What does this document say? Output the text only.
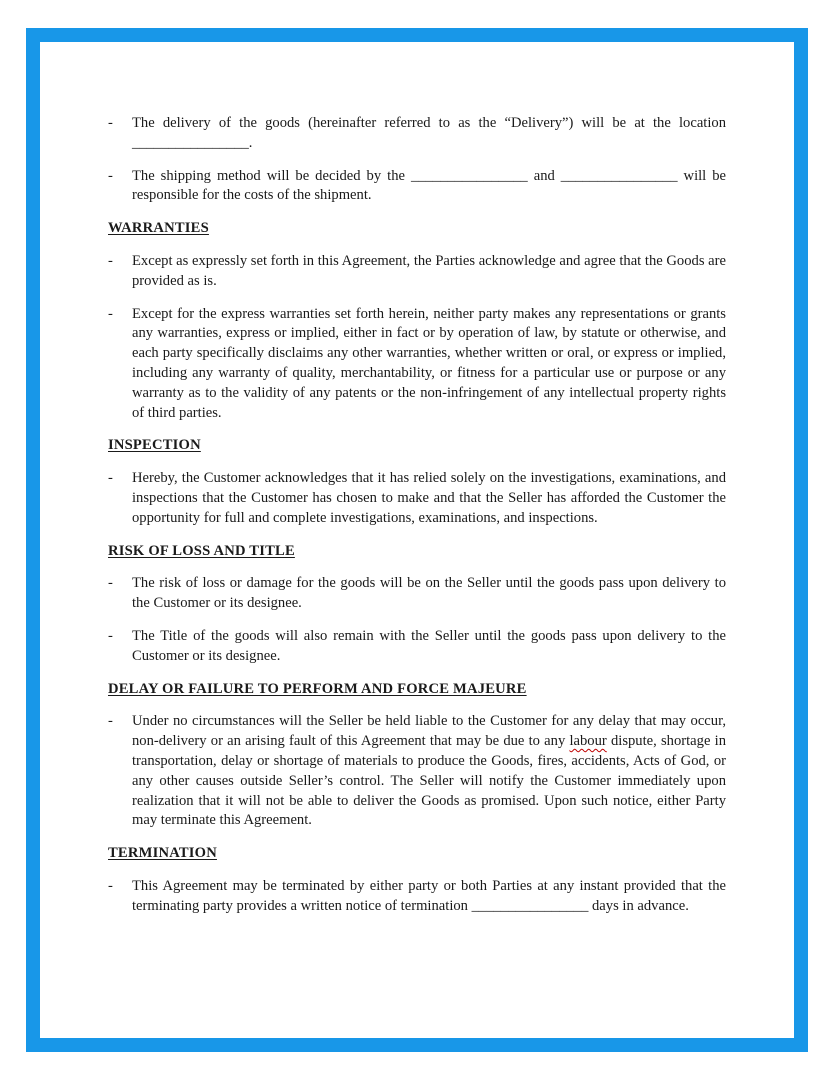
-	The delivery of the goods (hereinafter referred to as the “Delivery”) will be at the location ________________.
-	The shipping method will be decided by the ________________ and ________________ will be responsible for the costs of the shipment.
WARRANTIES
-	Except as expressly set forth in this Agreement, the Parties acknowledge and agree that the Goods are provided as is.
-	Except for the express warranties set forth herein, neither party makes any representations or grants any warranties, express or implied, either in fact or by operation of law, by statute or otherwise, and each party specifically disclaims any other warranties, whether written or oral, or express or implied, including any warranty of quality, merchantability, or fitness for a particular use or purpose or any warranty as to the validity of any patents or the non-infringement of any intellectual property rights of third parties.
INSPECTION
-	Hereby, the Customer acknowledges that it has relied solely on the investigations, examinations, and inspections that the Customer has chosen to make and that the Seller has afforded the Customer the opportunity for full and complete investigations, examinations, and inspections.
RISK OF LOSS AND TITLE
-	The risk of loss or damage for the goods will be on the Seller until the goods pass upon delivery to the Customer or its designee.
-	The Title of the goods will also remain with the Seller until the goods pass upon delivery to the Customer or its designee.
DELAY OR FAILURE TO PERFORM AND FORCE MAJEURE
-	Under no circumstances will the Seller be held liable to the Customer for any delay that may occur, non-delivery or an arising fault of this Agreement that may be due to any labour dispute, shortage in transportation, delay or shortage of materials to produce the Goods, fires, accidents, Acts of God, or any other causes outside Seller’s control. The Seller will notify the Customer immediately upon realization that it will not be able to deliver the Goods as promised. Upon such notice, either Party may terminate this Agreement.
TERMINATION
-	This Agreement may be terminated by either party or both Parties at any instant provided that the terminating party provides a written notice of termination ________________ days in advance.
